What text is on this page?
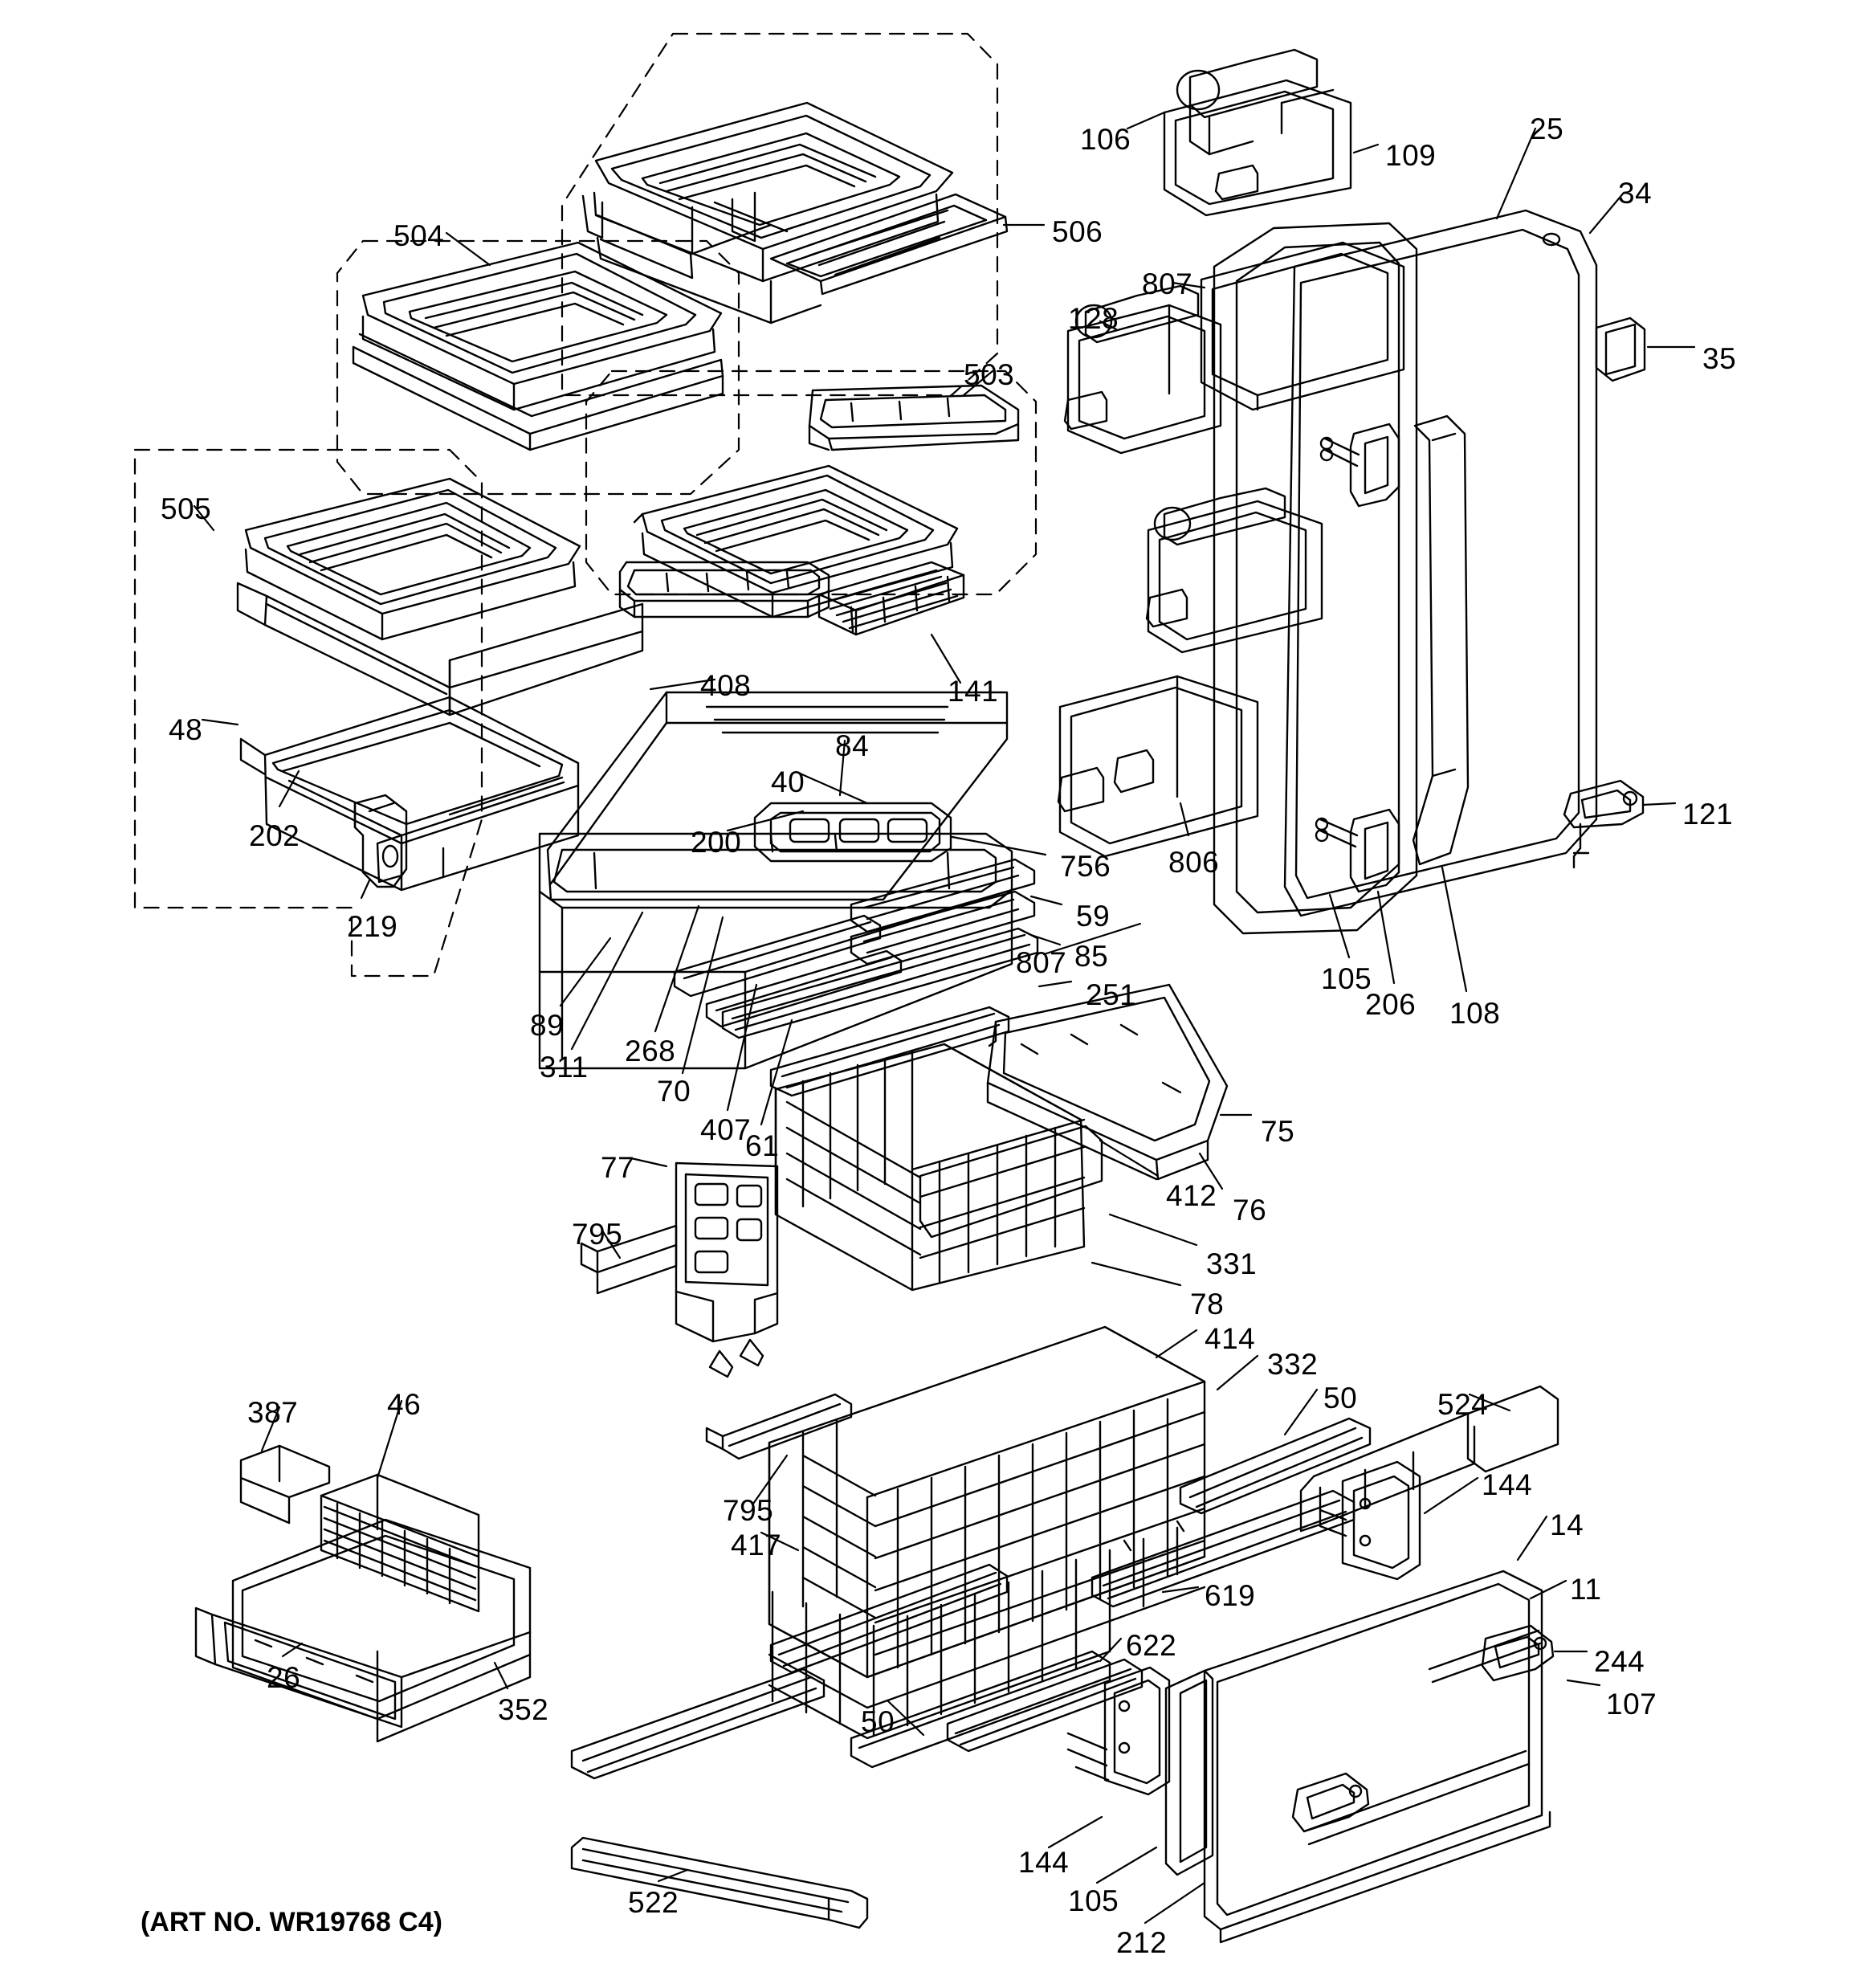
504	506
106	109
25
34
807
128
35
503
505
807
806
141
408
84
40
200
756
59
85
251
48
202
219
89
311 268
70
407
61
105
206 108
121
75
76
412
331
77
795
78
414
332
50	524
144
14
11
417
619
622
795
387	46
26
352	50
244
107
522
144
105
212
(ART NO. WR19768 C4)
